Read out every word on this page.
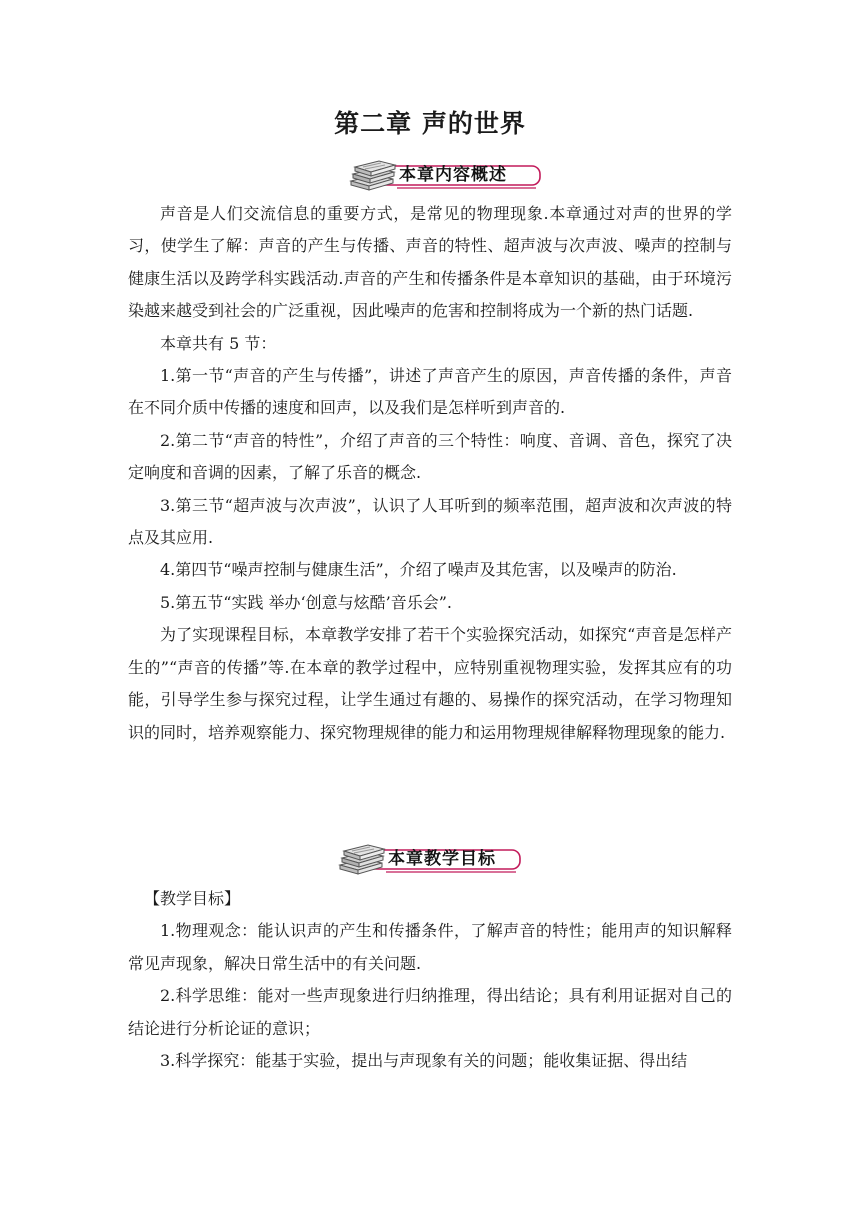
第二章 声的世界
本章内容概述

声音是人们交流信息的重要方式，是常见的物理现象.本章通过对声的世界的学习，使学生了解：声音的产生与传播、声音的特性、超声波与次声波、噪声的控制与健康生活以及跨学科实践活动.声音的产生和传播条件是本章知识的基础，由于环境污染越来越受到社会的广泛重视，因此噪声的危害和控制将成为一个新的热门话题.

本章共有 5 节：

1.第一节“声音的产生与传播”，讲述了声音产生的原因，声音传播的条件，声音在不同介质中传播的速度和回声，以及我们是怎样听到声音的.

2.第二节“声音的特性”，介绍了声音的三个特性：响度、音调、音色，探究了决定响度和音调的因素，了解了乐音的概念.

3.第三节“超声波与次声波”，认识了人耳听到的频率范围，超声波和次声波的特点及其应用.

4.第四节“噪声控制与健康生活”，介绍了噪声及其危害，以及噪声的防治.

5.第五节“实践 举办‘创意与炫酷’音乐会”.

为了实现课程目标，本章教学安排了若干个实验探究活动，如探究“声音是怎样产生的”“声音的传播”等.在本章的教学过程中，应特别重视物理实验，发挥其应有的功能，引导学生参与探究过程，让学生通过有趣的、易操作的探究活动，在学习物理知识的同时，培养观察能力、探究物理规律的能力和运用物理规律解释物理现象的能力.

本章教学目标

【教学目标】

1.物理观念：能认识声的产生和传播条件，了解声音的特性；能用声的知识解释常见声现象，解决日常生活中的有关问题.

2.科学思维：能对一些声现象进行归纳推理，得出结论；具有利用证据对自己的结论进行分析论证的意识；

3.科学探究：能基于实验，提出与声现象有关的问题；能收集证据、得出结
